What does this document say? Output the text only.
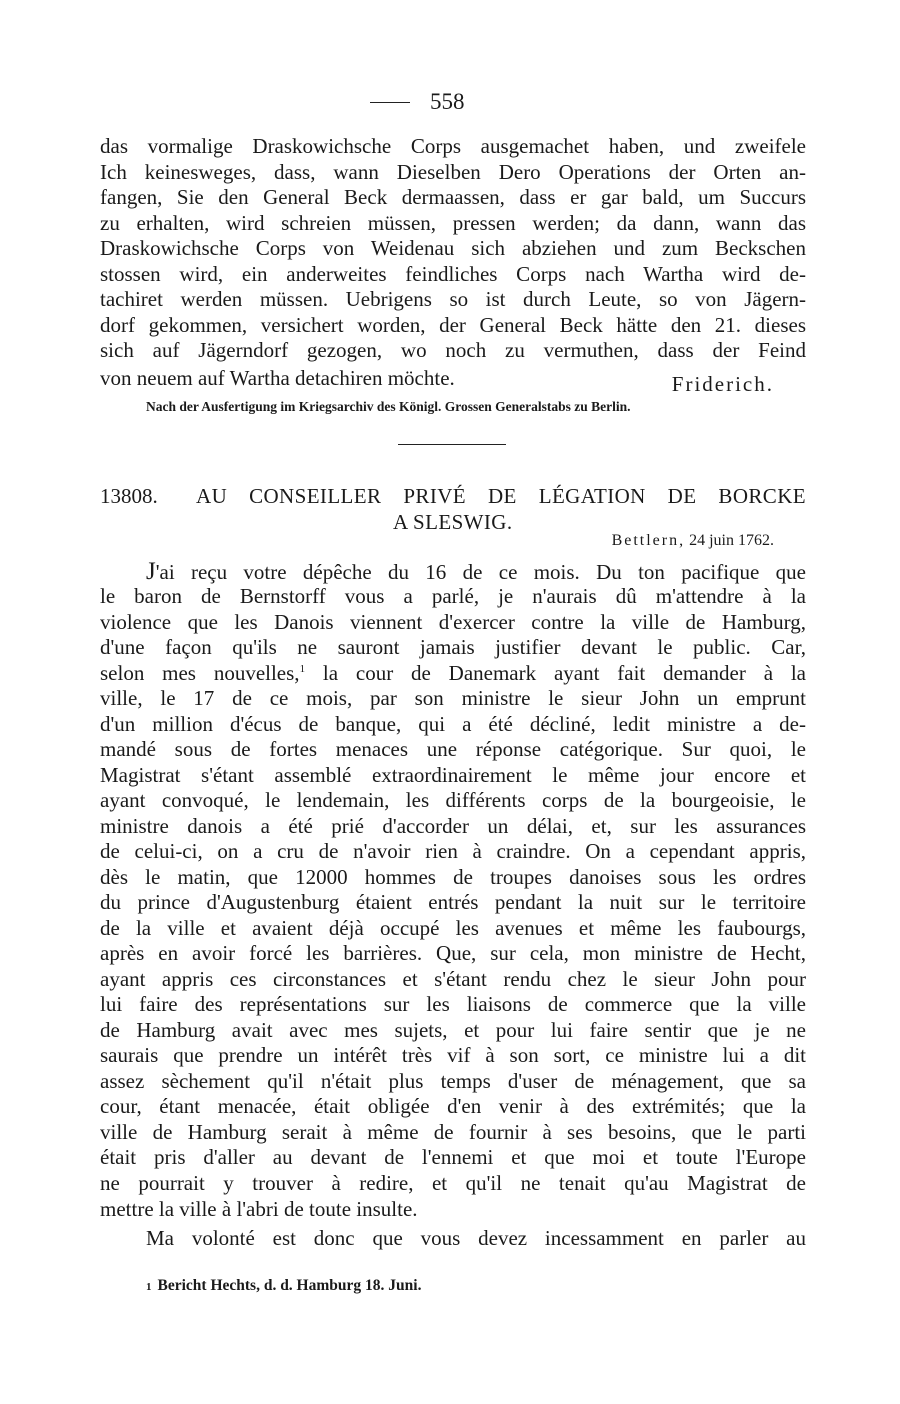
558
das vormalige Draskowichsche Corps ausgemachet haben, und zweifele
Ich keinesweges, dass, wann Dieselben Dero Operations der Orten an-
fangen, Sie den General Beck dermaassen, dass er gar bald, um Succurs
zu erhalten, wird schreien müssen, pressen werden; da dann, wann das
Draskowichsche Corps von Weidenau sich abziehen und zum Beckschen
stossen wird, ein anderweites feindliches Corps nach Wartha wird de-
tachiret werden müssen. Uebrigens so ist durch Leute, so von Jägern-
dorf gekommen, versichert worden, der General Beck hätte den 21. dieses
sich auf Jägerndorf gezogen, wo noch zu vermuthen, dass der Feind
von neuem auf Wartha detachiren möchte.	Friderich.
Nach der Ausfertigung im Kriegsarchiv des Königl. Grossen Generalstabs zu Berlin.
13808. AU CONSEILLER PRIVÉ DE LÉGATION DE BORCKE
A SLESWIG.
Bettlern, 24 juin 1762.
J'ai reçu votre dépêche du 16 de ce mois. Du ton pacifique que
le baron de Bernstorff vous a parlé, je n'aurais dû m'attendre à la
violence que les Danois viennent d'exercer contre la ville de Hamburg,
d'une façon qu'ils ne sauront jamais justifier devant le public. Car,
selon mes nouvelles,$^1$ la cour de Danemark ayant fait demander à la
ville, le 17 de ce mois, par son ministre le sieur John un emprunt
d'un million d'écus de banque, qui a été décliné, ledit ministre a de-
mandé sous de fortes menaces une réponse catégorique. Sur quoi, le
Magistrat s'étant assemblé extraordinairement le même jour encore et
ayant convoqué, le lendemain, les différents corps de la bourgeoisie, le
ministre danois a été prié d'accorder un délai, et, sur les assurances
de celui-ci, on a cru de n'avoir rien à craindre. On a cependant appris,
dès le matin, que 12000 hommes de troupes danoises sous les ordres
du prince d'Augustenburg étaient entrés pendant la nuit sur le territoire
de la ville et avaient déjà occupé les avenues et même les faubourgs,
après en avoir forcé les barrières. Que, sur cela, mon ministre de Hecht,
ayant appris ces circonstances et s'étant rendu chez le sieur John pour
lui faire des représentations sur les liaisons de commerce que la ville
de Hamburg avait avec mes sujets, et pour lui faire sentir que je ne
saurais que prendre un intérêt très vif à son sort, ce ministre lui a dit
assez sèchement qu'il n'était plus temps d'user de ménagement, que sa
cour, étant menacée, était obligée d'en venir à des extrémités; que la
ville de Hamburg serait à même de fournir à ses besoins, que le parti
était pris d'aller au devant de l'ennemi et que moi et toute l'Europe
ne pourrait y trouver à redire, et qu'il ne tenait qu'au Magistrat de
mettre la ville à l'abri de toute insulte.
Ma volonté est donc que vous devez incessamment en parler au
1 Bericht Hechts, d. d. Hamburg 18. Juni.
